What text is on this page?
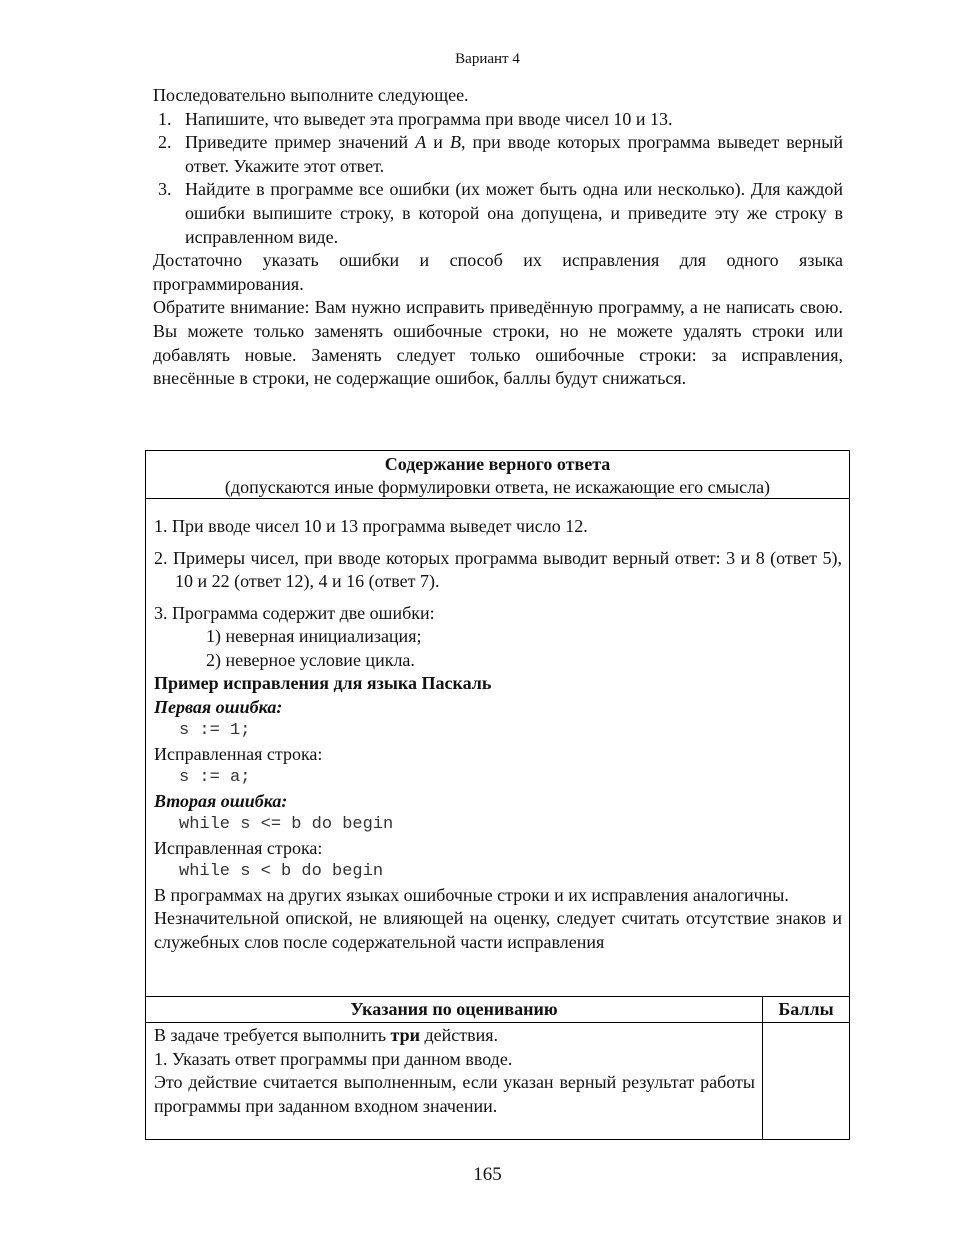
Вариант 4

Последовательно выполните следующее.

1. Напишите, что выведет эта программа при вводе чисел 10 и 13.
2. Приведите пример значений A и B, при вводе которых программа выведет верный ответ. Укажите этот ответ.
3. Найдите в программе все ошибки (их может быть одна или несколько). Для каждой ошибки выпишите строку, в которой она допущена, и приведите эту же строку в исправленном виде.

Достаточно указать ошибки и способ их исправления для одного языка программирования.

Обратите внимание: Вам нужно исправить приведённую программу, а не написать свою. Вы можете только заменять ошибочные строки, но не можете удалять строки или добавлять новые. Заменять следует только ошибочные строки: за исправления, внесённые в строки, не содержащие ошибок, баллы будут снижаться.

Содержание верного ответа
(допускаются иные формулировки ответа, не искажающие его смысла)

1. При вводе чисел 10 и 13 программа выведет число 12.

2. Примеры чисел, при вводе которых программа выводит верный ответ: 3 и 8 (ответ 5), 10 и 22 (ответ 12), 4 и 16 (ответ 7).

3. Программа содержит две ошибки:

1) неверная инициализация;

2) неверное условие цикла.

Пример исправления для языка Паскаль

Первая ошибка:

s := 1;

Исправленная строка:

s := a;

Вторая ошибка:

while s <= b do begin

Исправленная строка:

while s < b do begin

В программах на других языках ошибочные строки и их исправления аналогичны.

Незначительной опиской, не влияющей на оценку, следует считать отсутствие знаков и служебных слов после содержательной части исправления

Указания по оцениванию

В задаче требуется выполнить три действия.

1. Указать ответ программы при данном вводе.

Это действие считается выполненным, если указан верный результат работы программы при заданном входном значении.

Баллы
165
